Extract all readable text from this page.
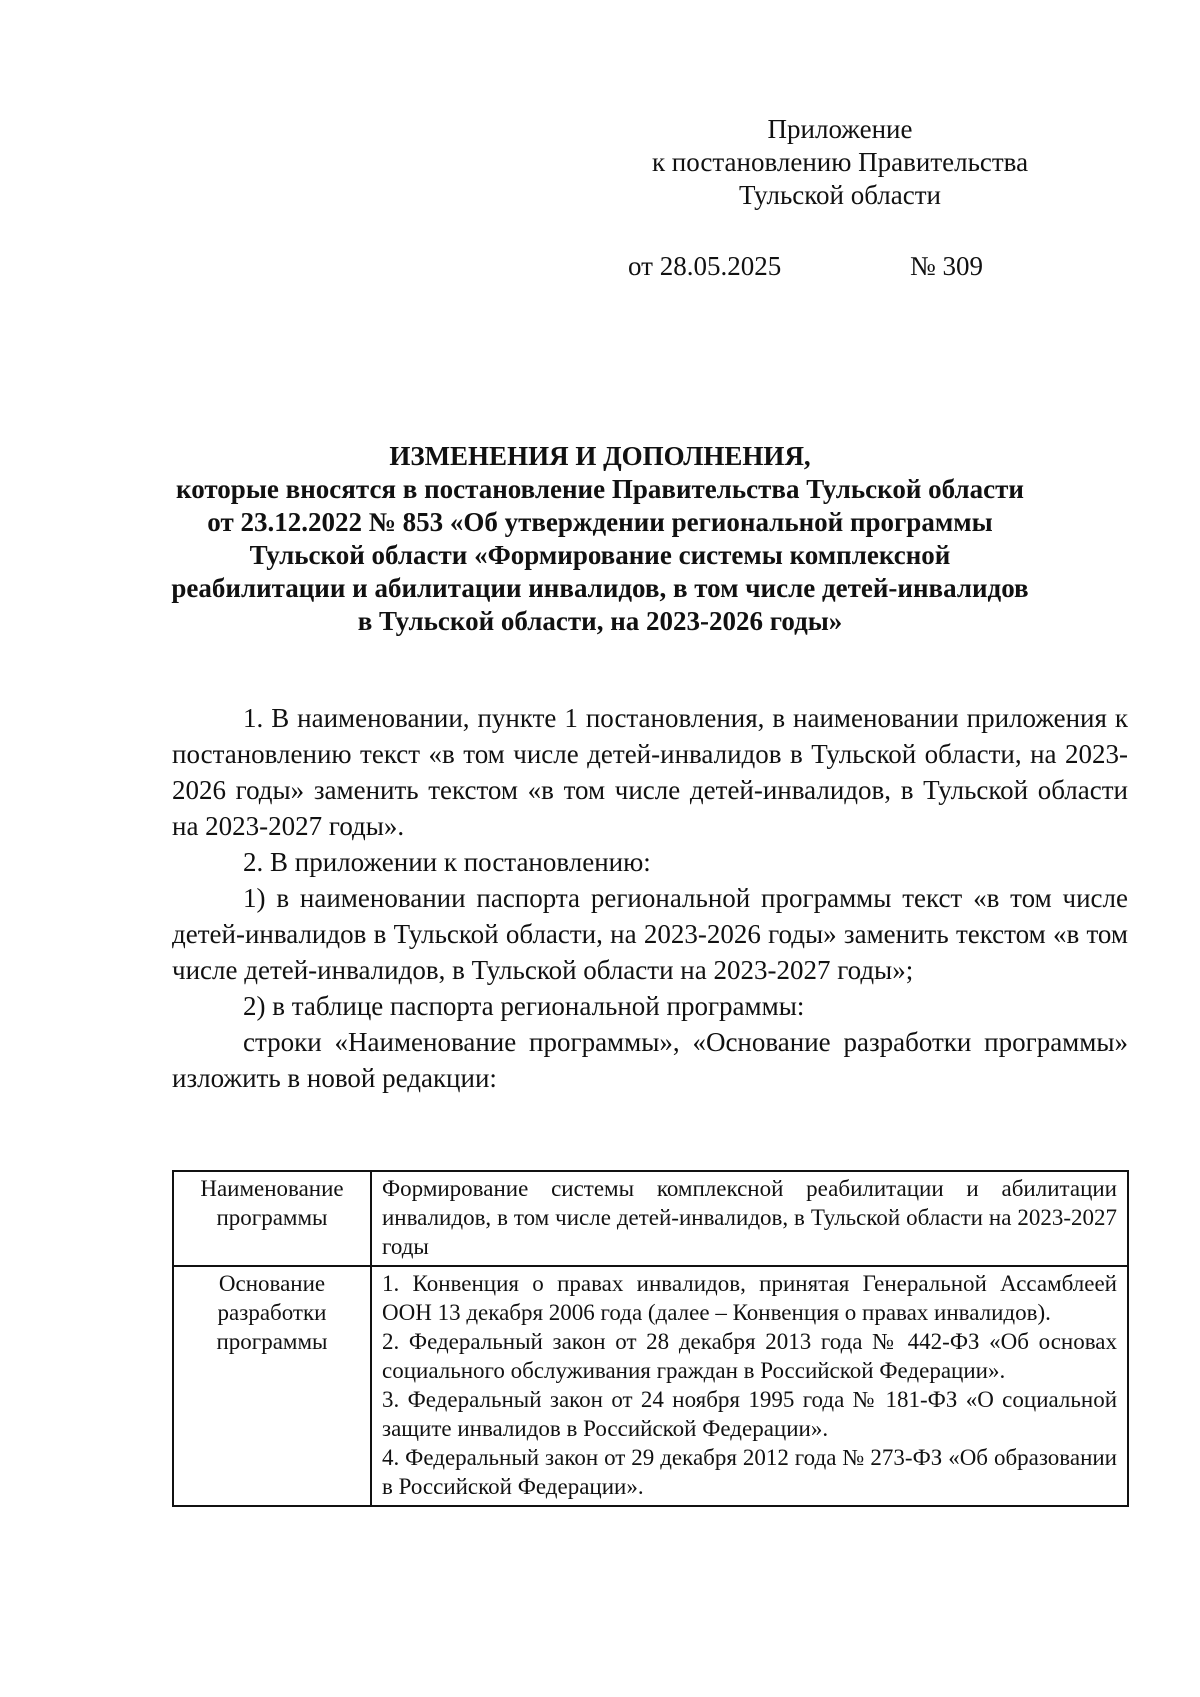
Приложение
к постановлению Правительства
Тульской области
от 28.05.2025	№ 309
ИЗМЕНЕНИЯ И ДОПОЛНЕНИЯ,
которые вносятся в постановление Правительства Тульской области
от 23.12.2022 № 853 «Об утверждении региональной программы
Тульской области «Формирование системы комплексной
реабилитации и абилитации инвалидов, в том числе детей-инвалидов
в Тульской области, на 2023-2026 годы»

1. В наименовании, пункте 1 постановления, в наименовании приложения к постановлению текст «в том числе детей-инвалидов в Тульской области, на 2023-2026 годы» заменить текстом «в том числе детей-инвалидов, в Тульской области на 2023-2027 годы».

2. В приложении к постановлению:

1) в наименовании паспорта региональной программы текст «в том числе детей-инвалидов в Тульской области, на 2023-2026 годы» заменить текстом «в том числе детей-инвалидов, в Тульской области на 2023-2027 годы»;

2) в таблице паспорта региональной программы:

строки «Наименование программы», «Основание разработки программы» изложить в новой редакции:

Наименование программы	Формирование системы комплексной реабилитации и абилитации инвалидов, в том числе детей-инвалидов, в Тульской области на 2023-2027 годы
Основание разработки программы	1. Конвенция о правах инвалидов, принятая Генеральной Ассамблеей ООН 13 декабря 2006 года (далее – Конвенция о правах инвалидов).
2. Федеральный закон от 28 декабря 2013 года № 442-ФЗ «Об основах социального обслуживания граждан в Российской Федерации».
3. Федеральный закон от 24 ноября 1995 года № 181-ФЗ «О социальной защите инвалидов в Российской Федерации».
4. Федеральный закон от 29 декабря 2012 года № 273-ФЗ «Об образовании в Российской Федерации».
